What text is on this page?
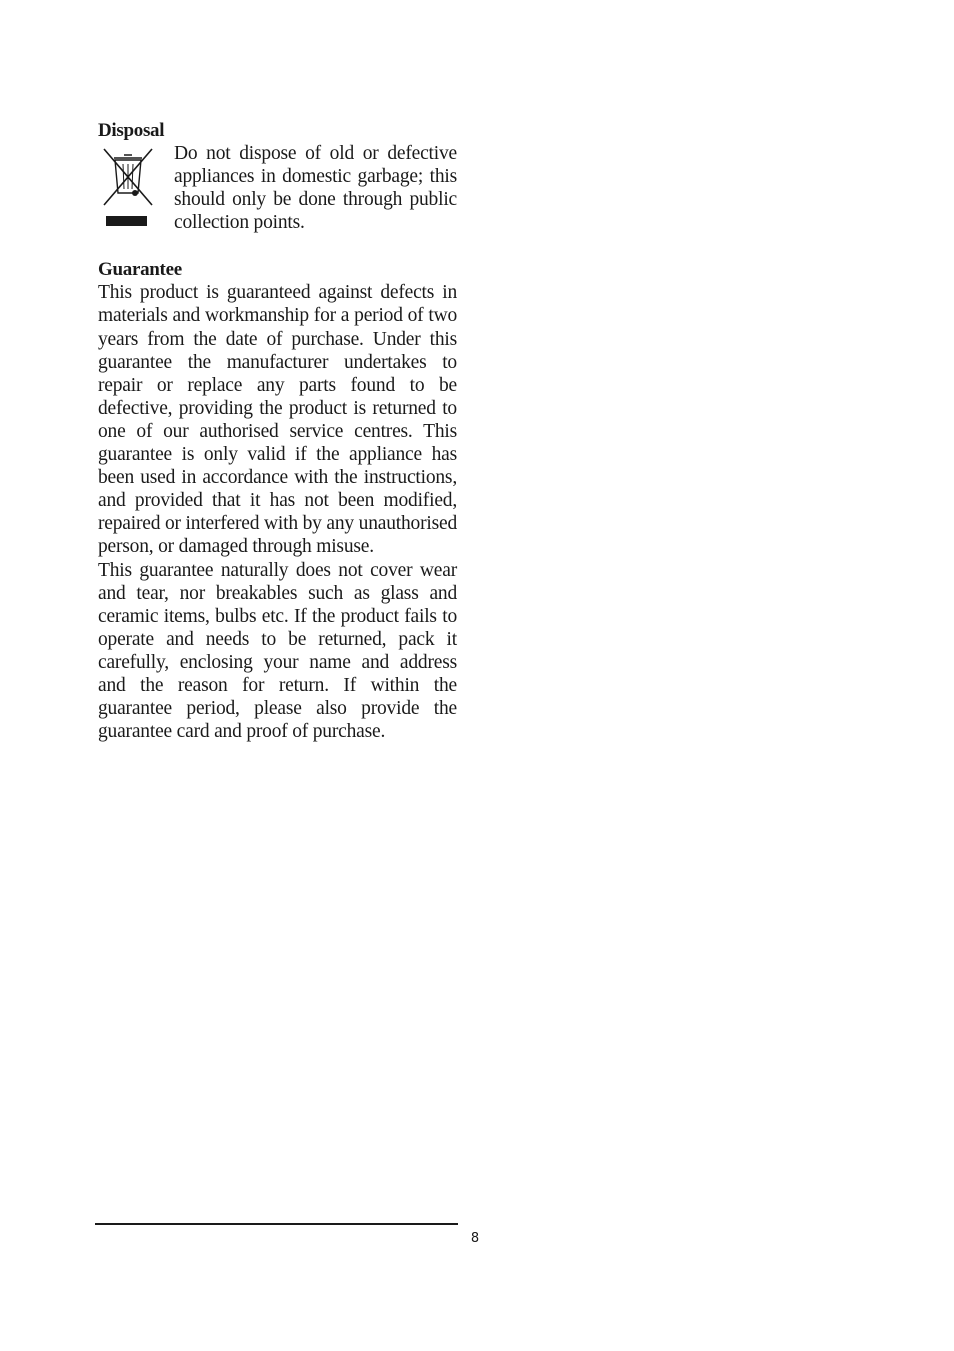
Disposal

Do not dispose of old or defective appliances in domestic garbage; this should only be done through public collection points.

Guarantee

This product is guaranteed against defects in materials and workmanship for a period of two years from the date of purchase. Under this guarantee the manufacturer undertakes to repair or replace any parts found to be defective, providing the product is returned to one of our authorised service centres. This guarantee is only valid if the appliance has been used in accordance with the instructions, and provided that it has not been modified, repaired or interfered with by any unauthorised person, or damaged through misuse.

This guarantee naturally does not cover wear and tear, nor breakables such as glass and ceramic items, bulbs etc. If the product fails to operate and needs to be returned, pack it carefully, enclosing your name and address and the reason for return. If within the guarantee period, please also provide the guarantee card and proof of purchase.

8
